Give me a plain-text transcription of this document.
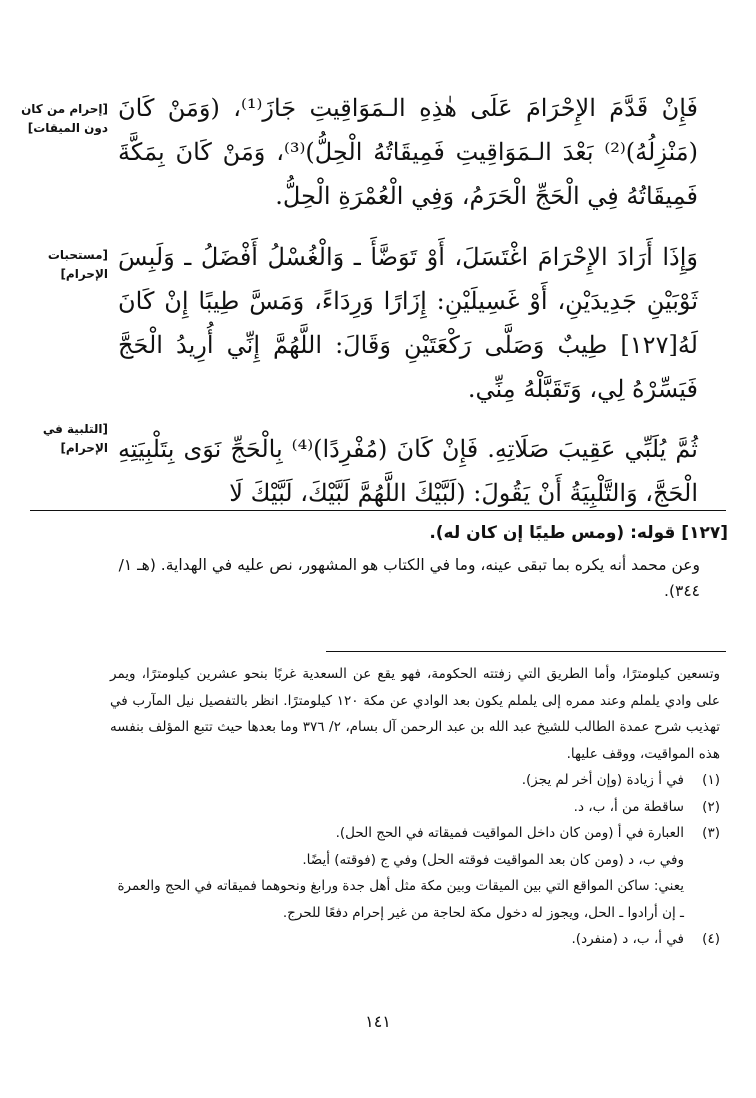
[إحرام من كان دون الميقات]
[مستحبات الإحرام]
[التلبية في الإحرام]

فَإِنْ قَدَّمَ الإِحْرَامَ عَلَى هٰذِهِ الـمَوَاقِيتِ جَازَ⁽¹⁾، (وَمَنْ كَانَ (مَنْزِلُهُ)⁽²⁾ بَعْدَ الـمَوَاقِيتِ فَمِيقَاتُهُ الْحِلُّ)⁽³⁾، وَمَنْ كَانَ بِمَكَّةَ فَمِيقَاتُهُ فِي الْحَجِّ الْحَرَمُ، وَفِي الْعُمْرَةِ الْحِلُّ.

وَإِذَا أَرَادَ الإِحْرَامَ اغْتَسَلَ، أَوْ تَوَضَّأَ ـ وَالْغُسْلُ أَفْضَلُ ـ وَلَبِسَ ثَوْبَيْنِ جَدِيدَيْنِ، أَوْ غَسِيلَيْنِ: إِزَارًا وَرِدَاءً، وَمَسَّ طِيبًا إِنْ كَانَ لَهُ[١٢٧] طِيبٌ وَصَلَّى رَكْعَتَيْنِ وَقَالَ: اللَّهُمَّ إِنِّي أُرِيدُ الْحَجَّ فَيَسِّرْهُ لِي، وَتَقَبَّلْهُ مِنِّي.

ثُمَّ يُلَبِّي عَقِيبَ صَلَاتِهِ. فَإِنْ كَانَ (مُفْرِدًا)⁽⁴⁾ بِالْحَجِّ نَوَى بِتَلْبِيَتِهِ الْحَجَّ، وَالتَّلْبِيَةُ أَنْ يَقُولَ: (لَبَّيْكَ اللَّهُمَّ لَبَّيْكَ، لَبَّيْكَ لَا

[١٢٧] قوله: (ومس طيبًا إن كان له).

وعن محمد أنه يكره بما تبقى عينه، وما في الكتاب هو المشهور، نص عليه في الهداية. (هـ ١/ ٣٤٤).

وتسعين كيلومترًا، وأما الطريق التي زفتته الحكومة، فهو يقع عن السعدية غربًا بنحو عشرين كيلومترًا، ويمر على وادي يلملم وعند ممره إلى يلملم يكون بعد الوادي عن مكة ١٢٠ كيلومترًا. انظر بالتفصيل نيل المآرب في تهذيب شرح عمدة الطالب للشيخ عبد الله بن عبد الرحمن آل بسام، ٢/ ٣٧٦ وما بعدها حيث تتبع المؤلف بنفسه هذه المواقيت، ووقف عليها.

(١)

في أ زيادة (وإن أخر لم يجز).

(٢)

ساقطة من أ، ب، د.

(٣)

العبارة في أ (ومن كان داخل المواقيت فميقاته في الحج الحل).

وفي ب، د (ومن كان بعد المواقيت فوقته الحل) وفي ج (فوقته) أيضًا.

يعني: ساكن المواقع التي بين الميقات وبين مكة مثل أهل جدة ورابغ ونحوهما فميقاته في الحج والعمرة ـ إن أرادوا ـ الحل، ويجوز له دخول مكة لحاجة من غير إحرام دفعًا للحرج.

(٤)

في أ، ب، د (منفرد).

١٤١
